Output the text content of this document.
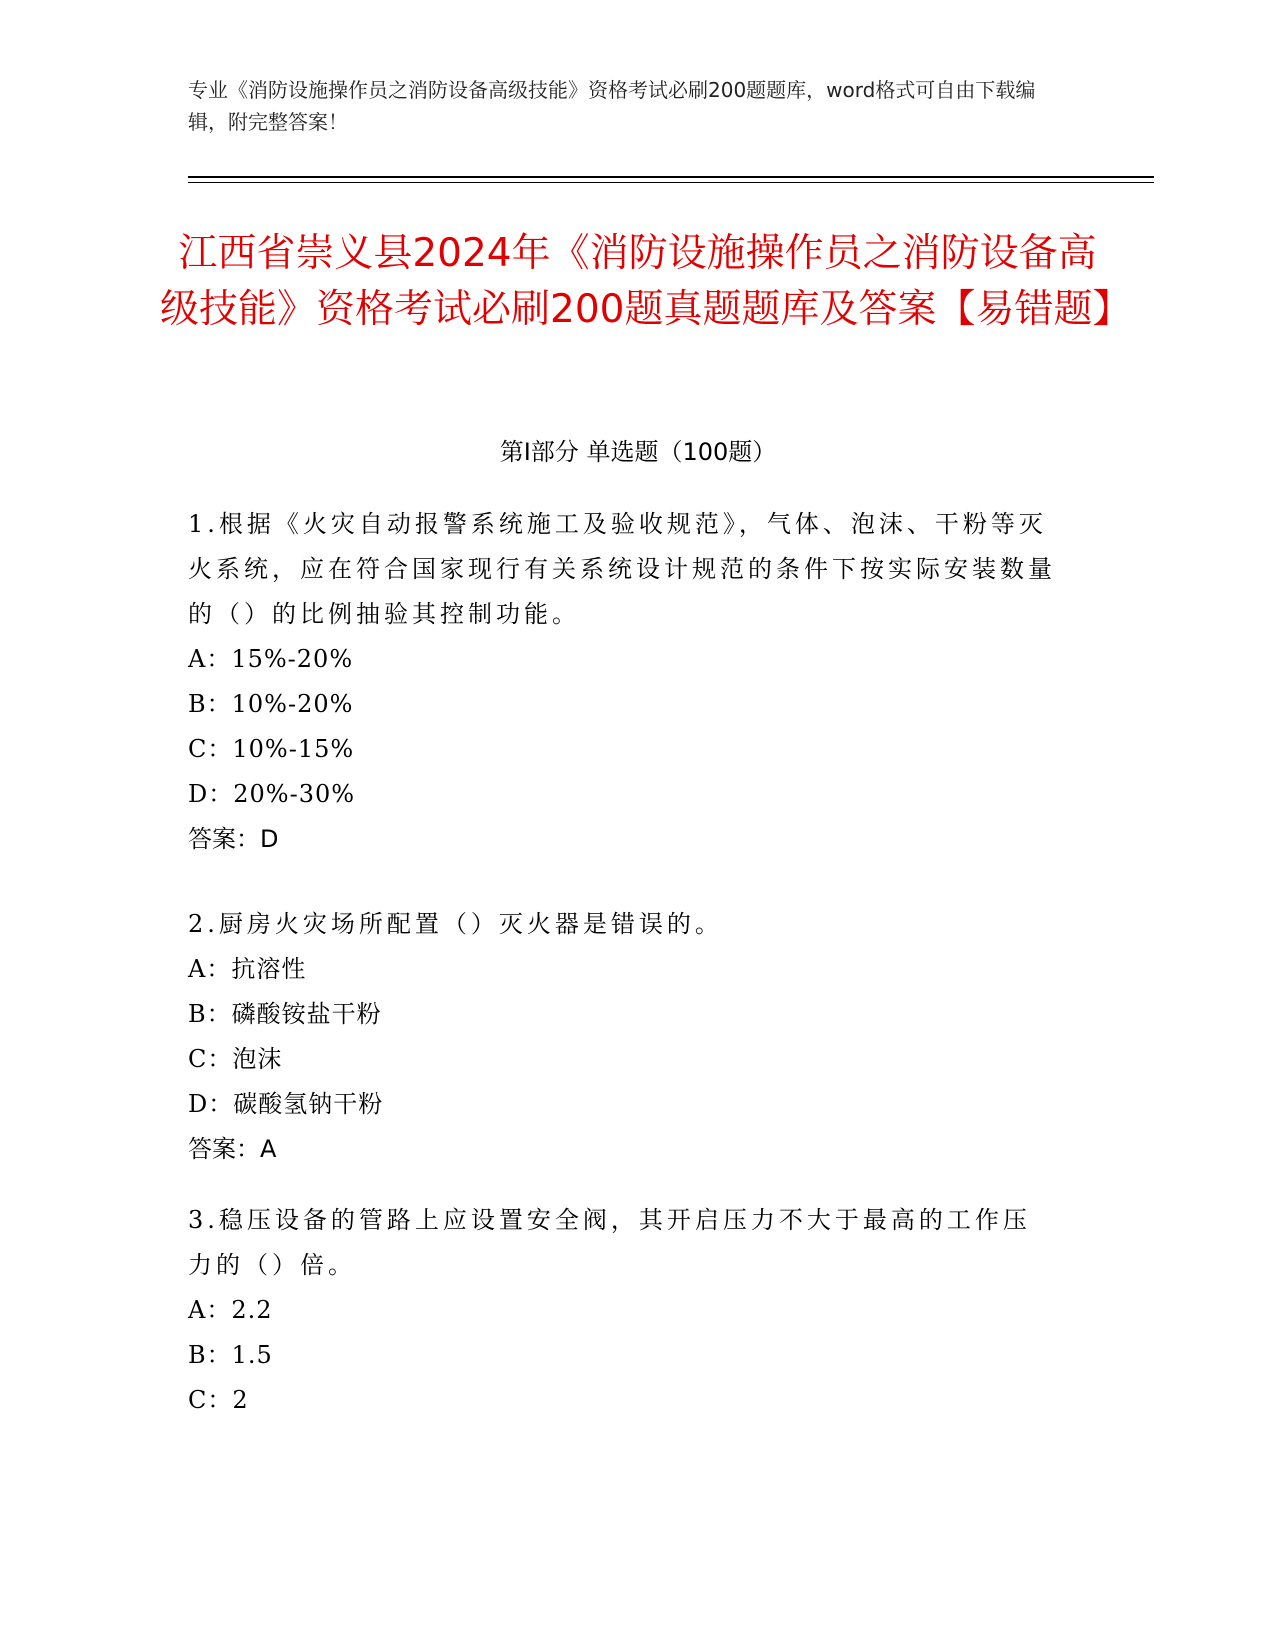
专业《消防设施操作员之消防设备高级技能》资格考试必刷200题题库，word格式可自由下载编辑，附完整答案！
江西省崇义县2024年《消防设施操作员之消防设备高级技能》资格考试必刷200题真题题库及答案【易错题】
第I部分 单选题（100题）

1.根据《火灾自动报警系统施工及验收规范》，气体、泡沫、干粉等灭火系统，应在符合国家现行有关系统设计规范的条件下按实际安装数量的（）的比例抽验其控制功能。

A：15%-20%

B：10%-20%

C：10%-15%

D：20%-30%

答案：D

2.厨房火灾场所配置（）灭火器是错误的。

A：抗溶性

B：磷酸铵盐干粉

C：泡沫

D：碳酸氢钠干粉

答案：A

3.稳压设备的管路上应设置安全阀，其开启压力不大于最高的工作压力的（）倍。

A：2.2

B：1.5

C：2
